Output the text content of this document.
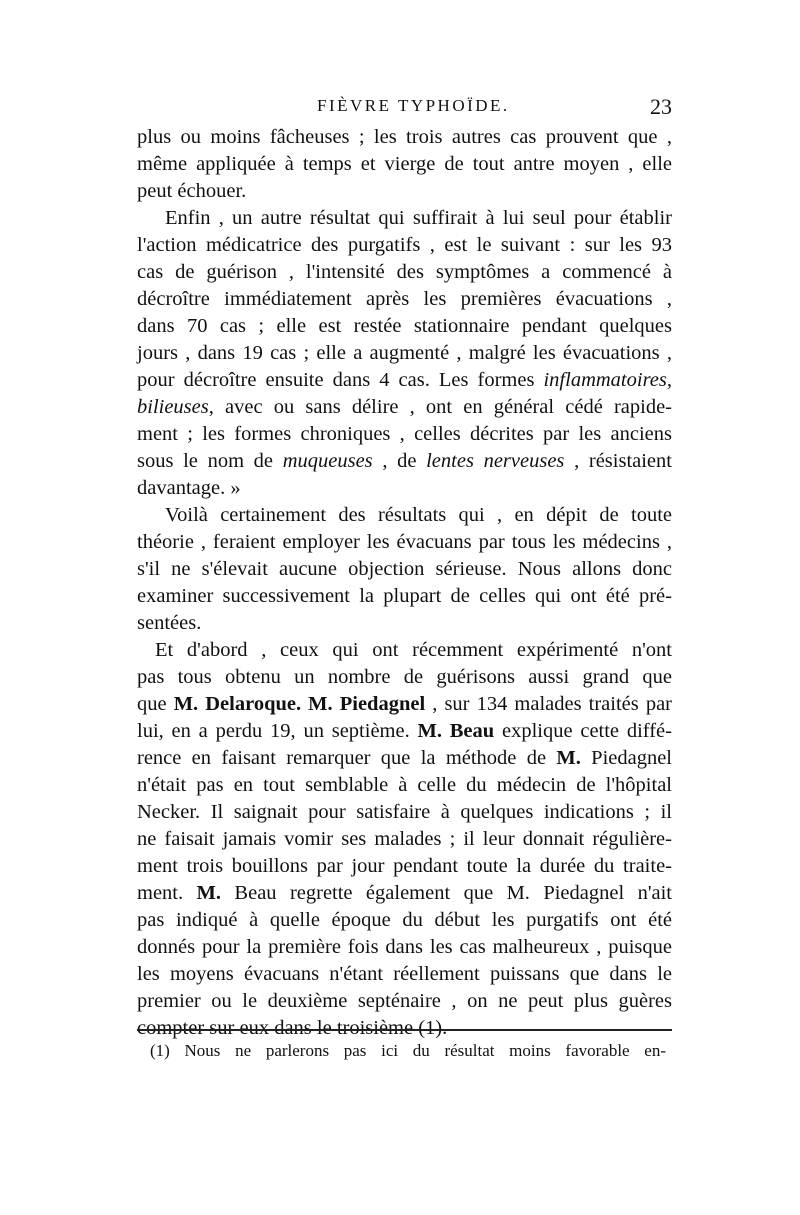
FIÈVRE TYPHOÏDE.	23
plus ou moins fâcheuses ; les trois autres cas prouvent que ,
même appliquée à temps et vierge de tout antre moyen , elle
peut échouer.
Enfin , un autre résultat qui suffirait à lui seul pour établir
l'action médicatrice des purgatifs , est le suivant : sur les 93
cas de guérison , l'intensité des symptômes a commencé à
décroître immédiatement après les premières évacuations ,
dans 70 cas ; elle est restée stationnaire pendant quelques
jours , dans 19 cas ; elle a augmenté , malgré les évacuations ,
pour décroître ensuite dans 4 cas. Les formes inflammatoires,
bilieuses, avec ou sans délire , ont en général cédé rapide-
ment ; les formes chroniques , celles décrites par les anciens
sous le nom de muqueuses , de lentes nerveuses , résistaient
davantage. »
Voilà certainement des résultats qui , en dépit de toute
théorie , feraient employer les évacuans par tous les médecins ,
s'il ne s'élevait aucune objection sérieuse. Nous allons donc
examiner successivement la plupart de celles qui ont été pré-
sentées.
Et d'abord , ceux qui ont récemment expérimenté n'ont
pas tous obtenu un nombre de guérisons aussi grand que
que M. Delaroque. M. Piedagnel , sur 134 malades traités par
lui, en a perdu 19, un septième. M. Beau explique cette diffé-
rence en faisant remarquer que la méthode de M. Piedagnel
n'était pas en tout semblable à celle du médecin de l'hôpital
Necker. Il saignait pour satisfaire à quelques indications ; il
ne faisait jamais vomir ses malades ; il leur donnait régulière-
ment trois bouillons par jour pendant toute la durée du traite-
ment. M. Beau regrette également que M. Piedagnel n'ait
pas indiqué à quelle époque du début les purgatifs ont été
donnés pour la première fois dans les cas malheureux , puisque
les moyens évacuans n'étant réellement puissans que dans le
premier ou le deuxième septénaire , on ne peut plus guères
compter sur eux dans le troisième (1).
(1) Nous ne parlerons pas ici du résultat moins favorable en-
